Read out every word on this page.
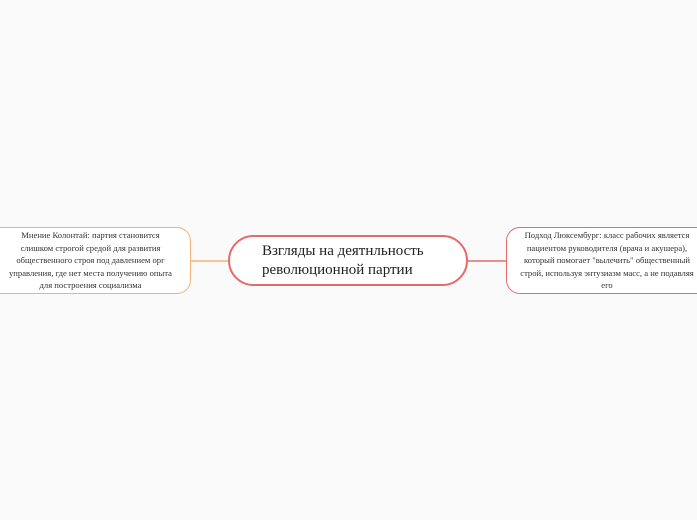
Взгляды на деятнльность революционной партии
Мнение Колонтай: партия становится слишком строгой средой для развития общественного строя под давлением орг управления, где нет места получению опыта для построения социализма
Подход Люксембург: класс рабочих является пациентом руководителя (врача и акушера), который помогает "вылечить" общественный строй, используя энтузиазм масс, а не подавляя его
